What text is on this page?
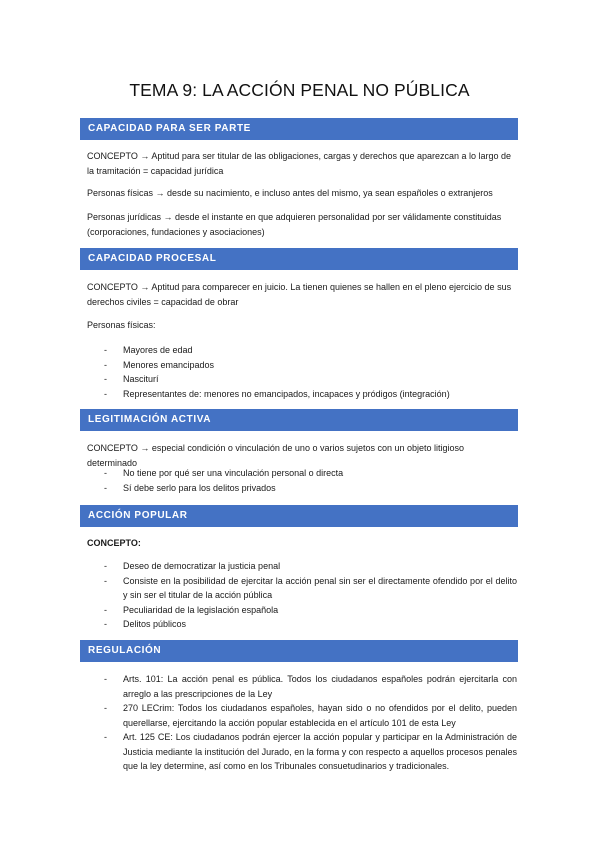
TEMA 9: LA ACCIÓN PENAL NO PÚBLICA
CAPACIDAD PARA SER PARTE
CONCEPTO → Aptitud para ser titular de las obligaciones, cargas y derechos que aparezcan a lo largo de la tramitación = capacidad jurídica
Personas físicas → desde su nacimiento, e incluso antes del mismo, ya sean españoles o extranjeros
Personas jurídicas → desde el instante en que adquieren personalidad por ser válidamente constituidas (corporaciones, fundaciones y asociaciones)
CAPACIDAD PROCESAL
CONCEPTO → Aptitud para comparecer en juicio. La tienen quienes se hallen en el pleno ejercicio de sus derechos civiles = capacidad de obrar
Personas físicas:
- Mayores de edad
- Menores emancipados
- Nasciturí
- Representantes de: menores no emancipados, incapaces y pródigos (integración)
LEGITIMACIÓN ACTIVA
CONCEPTO → especial condición o vinculación de uno o varios sujetos con un objeto litigioso determinado
- No tiene por qué ser una vinculación personal o directa
- Sí debe serlo para los delitos privados
ACCIÓN POPULAR
CONCEPTO:
- Deseo de democratizar la justicia penal
- Consiste en la posibilidad de ejercitar la acción penal sin ser el directamente ofendido por el delito y sin ser el titular de la acción pública
- Peculiaridad de la legislación española
- Delitos públicos
REGULACIÓN
- Arts. 101: La acción penal es pública. Todos los ciudadanos españoles podrán ejercitarla con arreglo a las prescripciones de la Ley
- 270 LECrim: Todos los ciudadanos españoles, hayan sido o no ofendidos por el delito, pueden querellarse, ejercitando la acción popular establecida en el artículo 101 de esta Ley
- Art. 125 CE: Los ciudadanos podrán ejercer la acción popular y participar en la Administración de Justicia mediante la institución del Jurado, en la forma y con respecto a aquellos procesos penales que la ley determine, así como en los Tribunales consuetudinarios y tradicionales.
